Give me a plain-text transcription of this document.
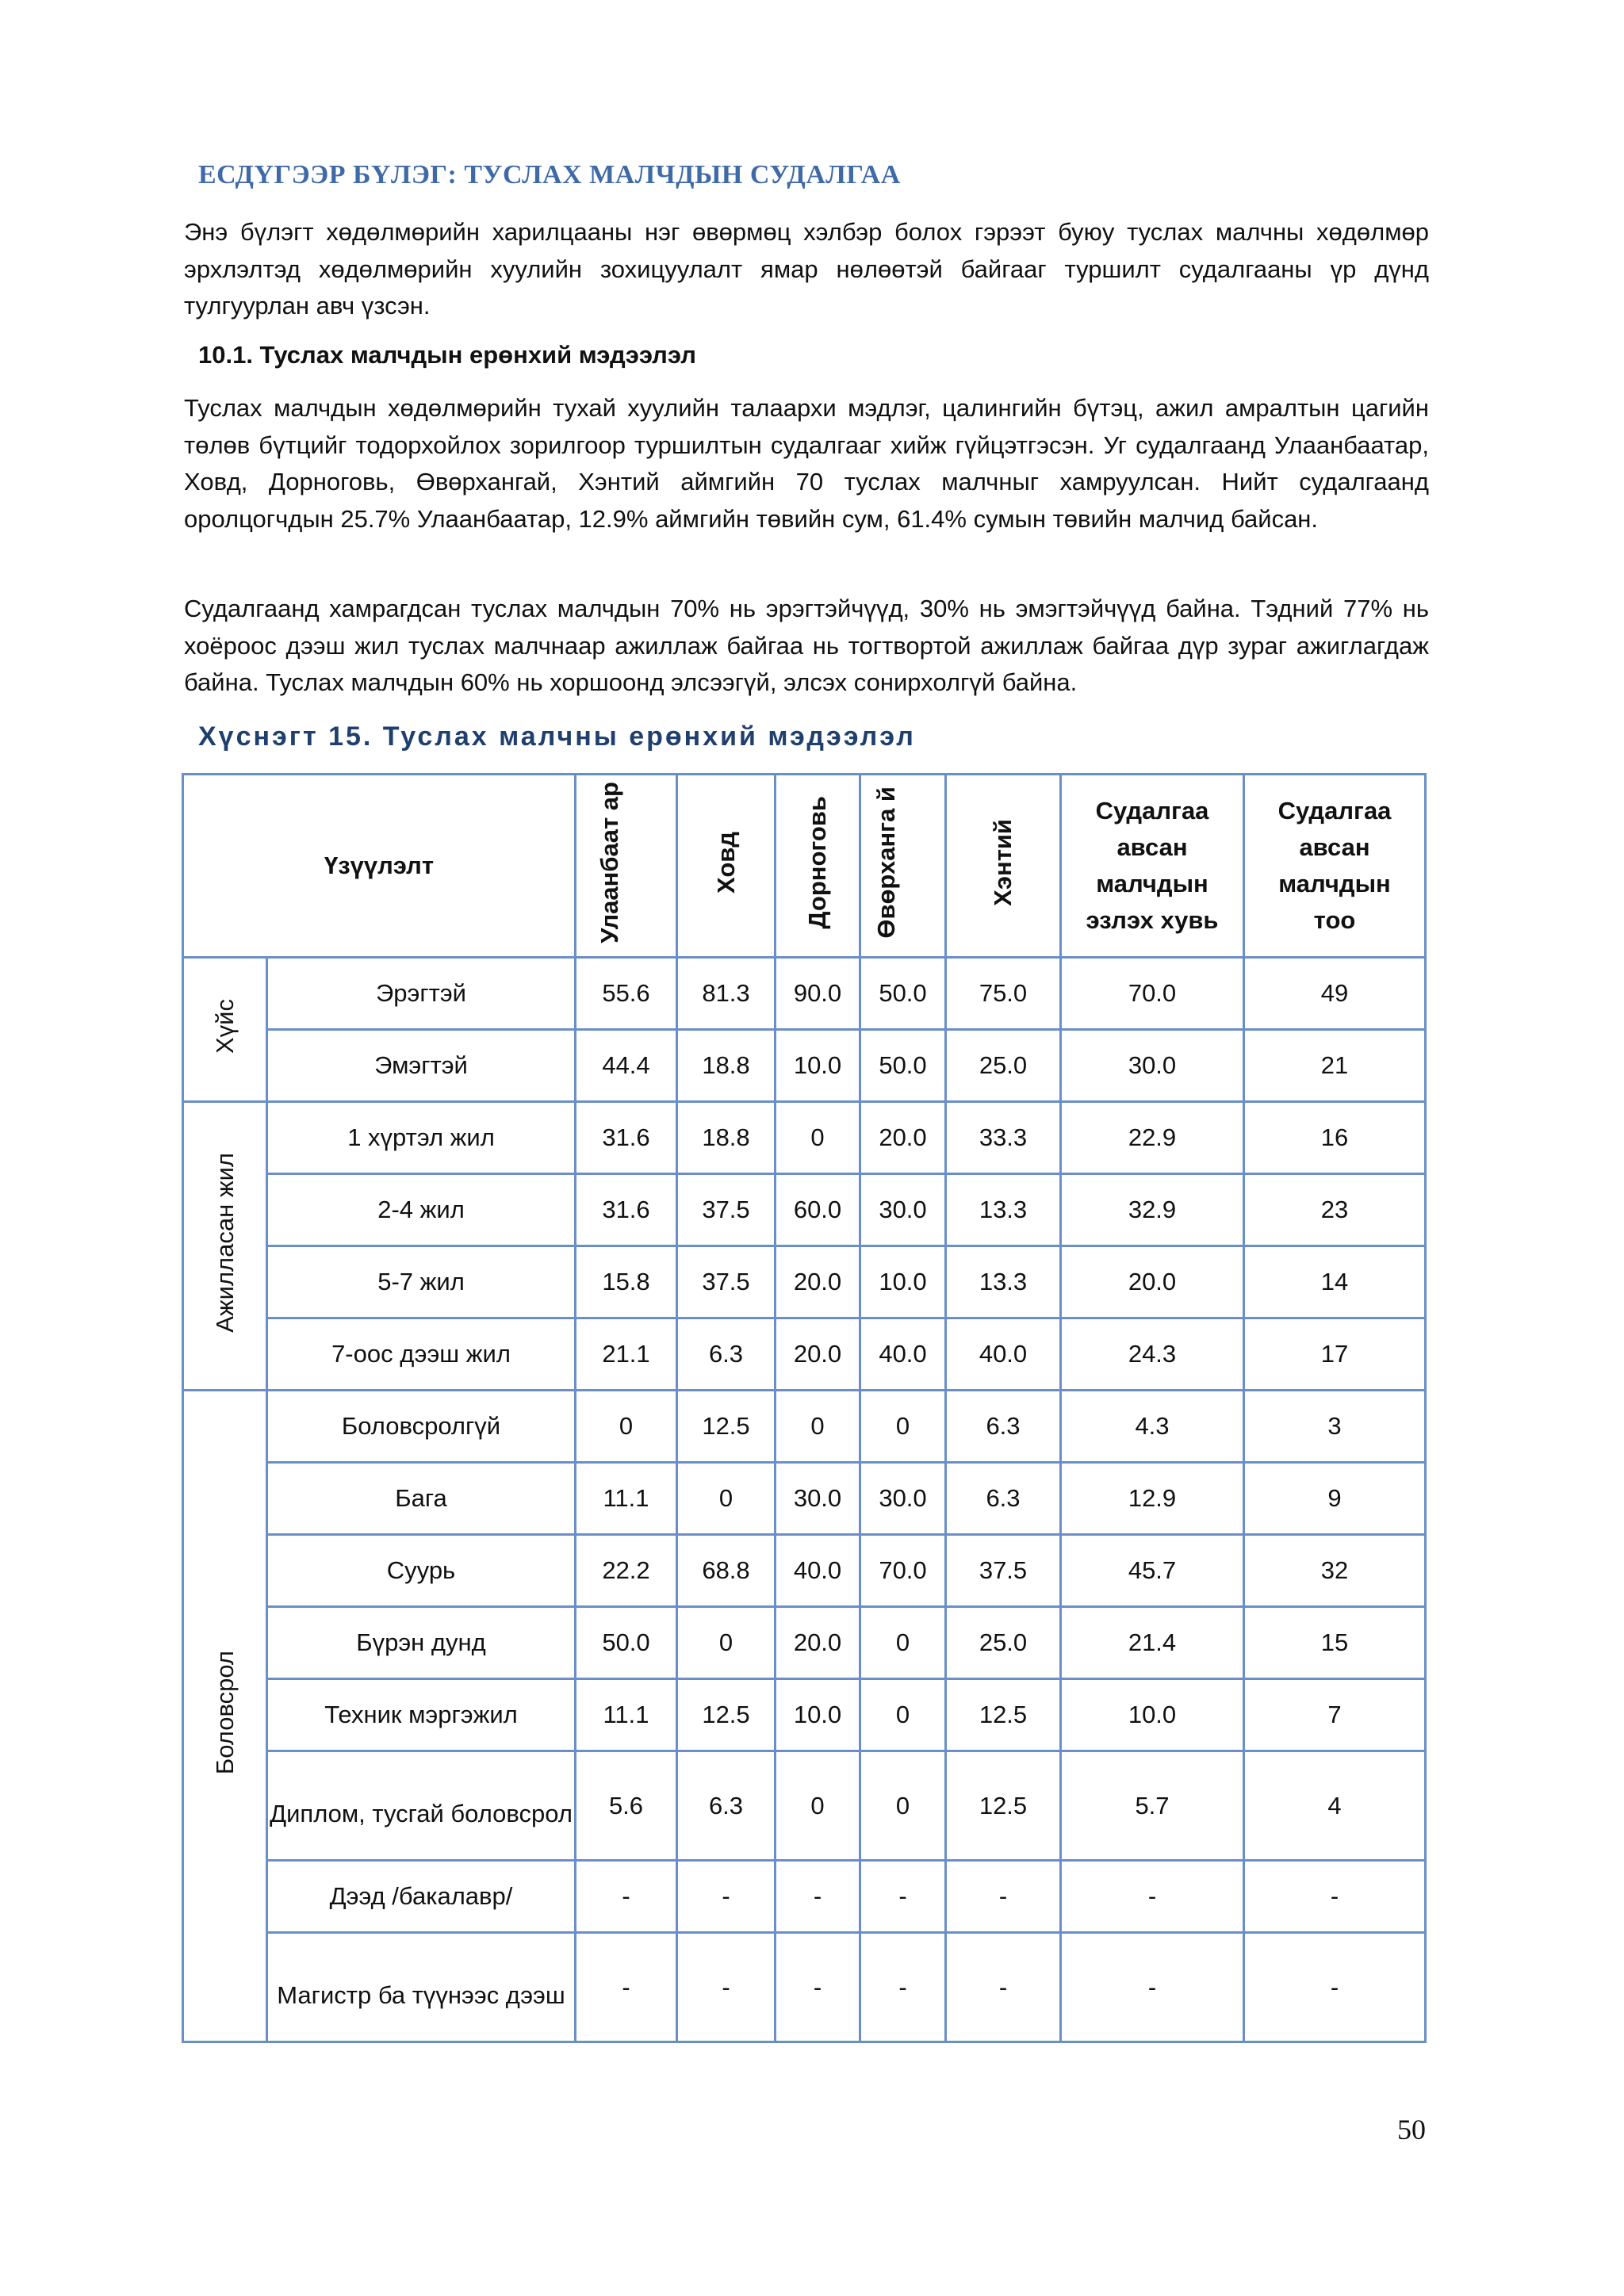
ЕСДҮГЭЭР БҮЛЭГ: ТУСЛАХ МАЛЧДЫН СУДАЛГАА

Энэ бүлэгт хөдөлмөрийн харилцааны нэг өвөрмөц хэлбэр болох гэрээт буюу туслах малчны хөдөлмөр эрхлэлтэд хөдөлмөрийн хуулийн зохицуулалт ямар нөлөөтэй байгааг туршилт судалгааны үр дүнд тулгуурлан авч үзсэн.

10.1. Туслах малчдын ерөнхий мэдээлэл

Туслах малчдын хөдөлмөрийн тухай хуулийн талаархи мэдлэг, цалингийн бүтэц, ажил амралтын цагийн төлөв бүтцийг тодорхойлох зорилгоор туршилтын судалгааг хийж гүйцэтгэсэн. Уг судалгаанд Улаанбаатар, Ховд, Дорноговь, Өвөрхангай, Хэнтий аймгийн 70 туслах малчныг хамруулсан. Нийт судалгаанд оролцогчдын 25.7% Улаанбаатар, 12.9% аймгийн төвийн сум, 61.4% сумын төвийн малчид байсан.

Судалгаанд хамрагдсан туслах малчдын 70% нь эрэгтэйчүүд, 30% нь эмэгтэйчүүд байна. Тэдний 77% нь хоёроос дээш жил туслах малчнаар ажиллаж байгаа нь тогтвортой ажиллаж байгаа дүр зураг ажиглагдаж байна. Туслах малчдын 60% нь хоршоонд элсээгүй, элсэх сонирхолгүй байна.

Хүснэгт 15. Туслах малчны ерөнхий мэдээлэл
Үзүүлэлт		Улаанбаат ар	Ховд	Дорноговь	Өвөрханга й	Хэнтий	Судалгаа авсан малчдын эзлэх хувь	Судалгаа авсан малчдын тоо
Хүйс	Эрэгтэй	55.6	81.3	90.0	50.0	75.0	70.0	49
	Эмэгтэй	44.4	18.8	10.0	50.0	25.0	30.0	21
Ажилласан жил	1 хүртэл жил	31.6	18.8	0	20.0	33.3	22.9	16
	2-4 жил	31.6	37.5	60.0	30.0	13.3	32.9	23
	5-7 жил	15.8	37.5	20.0	10.0	13.3	20.0	14
	7-оос дээш жил	21.1	6.3	20.0	40.0	40.0	24.3	17
Боловсрол	Боловсролгүй	0	12.5	0	0	6.3	4.3	3
	Бага	11.1	0	30.0	30.0	6.3	12.9	9
	Суурь	22.2	68.8	40.0	70.0	37.5	45.7	32
	Бүрэн дунд	50.0	0	20.0	0	25.0	21.4	15
	Техник мэргэжил	11.1	12.5	10.0	0	12.5	10.0	7
	Диплом, тусгай боловсрол	5.6	6.3	0	0	12.5	5.7	4
	Дээд /бакалавр/	-	-	-	-	-	-	-
	Магистр ба түүнээс дээш	-	-	-	-	-	-	-
50
